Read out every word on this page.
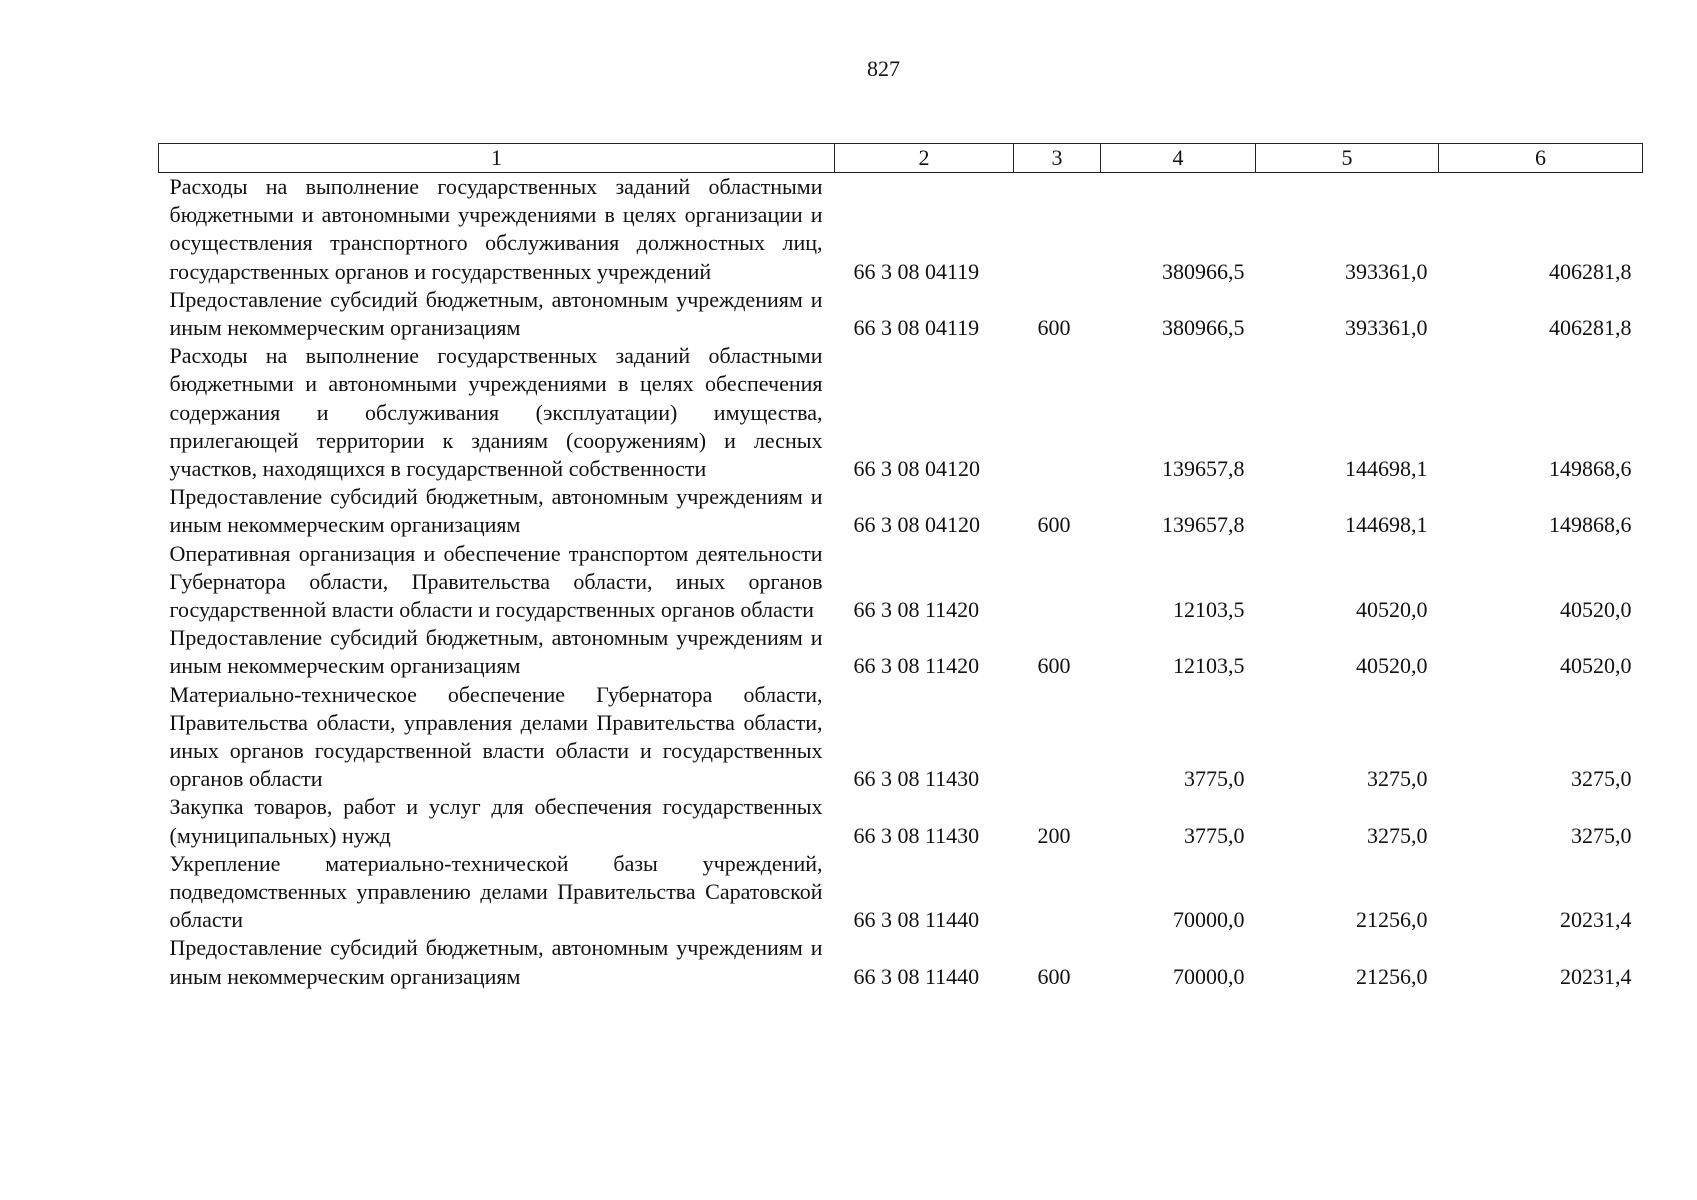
827
1	2	3	4	5	6
Расходы на выполнение государственных заданий областными бюджетными и автономными учреждениями в целях организации и осуществления транспортного обслуживания должностных лиц, государственных органов и государственных учреждений	66 3 08 04119		380966,5	393361,0	406281,8
Предоставление субсидий бюджетным, автономным учреждениям и иным некоммерческим организациям	66 3 08 04119	600	380966,5	393361,0	406281,8
Расходы на выполнение государственных заданий областными бюджетными и автономными учреждениями в целях обеспечения содержания и обслуживания (эксплуатации) имущества, прилегающей территории к зданиям (сооружениям) и лесных участков, находящихся в государственной собственности	66 3 08 04120		139657,8	144698,1	149868,6
Предоставление субсидий бюджетным, автономным учреждениям и иным некоммерческим организациям	66 3 08 04120	600	139657,8	144698,1	149868,6
Оперативная организация и обеспечение транспортом деятельности Губернатора области, Правительства области, иных органов государственной власти области и государственных органов области	66 3 08 11420		12103,5	40520,0	40520,0
Предоставление субсидий бюджетным, автономным учреждениям и иным некоммерческим организациям	66 3 08 11420	600	12103,5	40520,0	40520,0
Материально-техническое обеспечение Губернатора области, Правительства области, управления делами Правительства области, иных органов государственной власти области и государственных органов области	66 3 08 11430		3775,0	3275,0	3275,0
Закупка товаров, работ и услуг для обеспечения государственных (муниципальных) нужд	66 3 08 11430	200	3775,0	3275,0	3275,0
Укрепление материально-технической базы учреждений, подведомственных управлению делами Правительства Саратовской области	66 3 08 11440		70000,0	21256,0	20231,4
Предоставление субсидий бюджетным, автономным учреждениям и иным некоммерческим организациям	66 3 08 11440	600	70000,0	21256,0	20231,4
